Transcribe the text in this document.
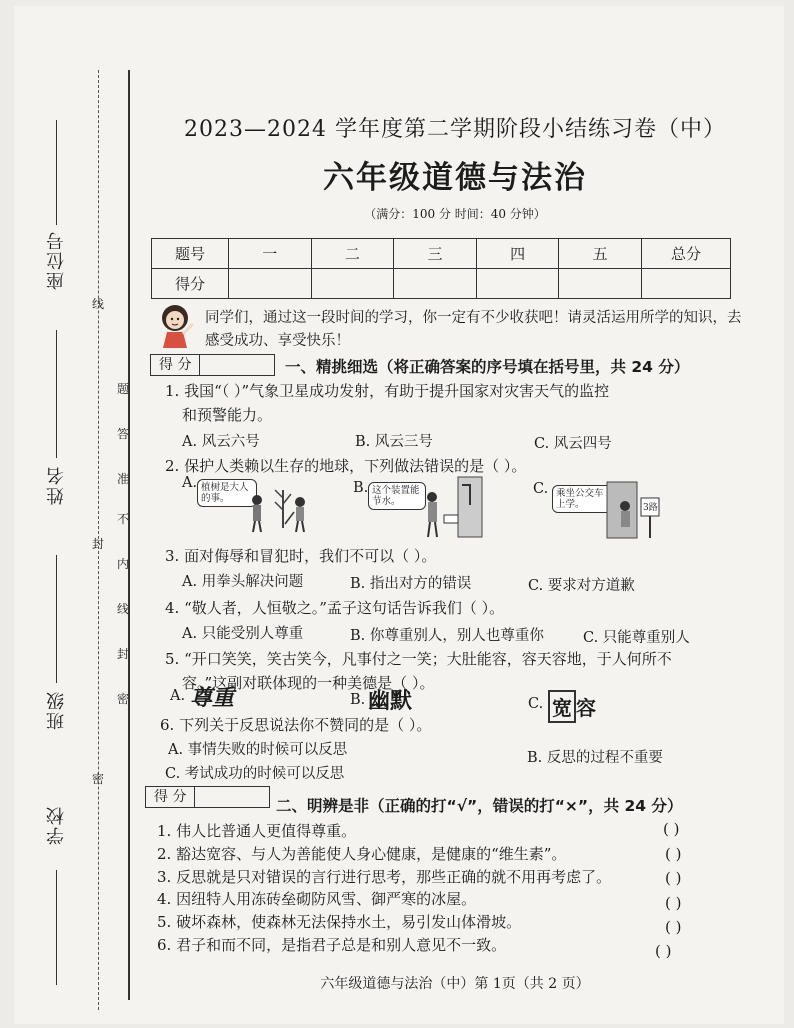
座位号
姓名
班级
学校
线
封
密
题
答
准
不
内
线
封
密
2023—2024 学年度第二学期阶段小结练习卷（中）
六年级道德与法治
（满分：100 分 时间：40 分钟）
题号	一	二	三	四	五	总分
得分						
同学们，通过这一段时间的学习，你一定有不少收获吧！请灵活运用所学的知识，去感受成功、享受快乐！
得 分	一、精挑细选（将正确答案的序号填在括号里，共 24 分）
1. 我国“（ ）”气象卫星成功发射，有助于提升国家对灾害天气的监控
和预警能力。
A. 风云六号	B. 风云三号	C. 风云四号
2. 保护人类赖以生存的地球，下列做法错误的是（ ）。
A. 植树是大人的事。
B. 这个装置能节水。
C. 乘坐公交车上学。	3路
3. 面对侮辱和冒犯时，我们不可以（ ）。
A. 用拳头解决问题	B. 指出对方的错误	C. 要求对方道歉
4. “敬人者，人恒敬之。”孟子这句话告诉我们（ ）。
A. 只能受别人尊重	B. 你尊重别人，别人也尊重你	C. 只能尊重别人
5. “开口笑笑，笑古笑今，凡事付之一笑；大肚能容，容天容地，于人何所不
容。”这副对联体现的一种美德是（ ）。
A. 尊重	B. 幽默	C. 宽 容
6. 下列关于反思说法你不赞同的是（ ）。
A. 事情失败的时候可以反思	B. 反思的过程不重要
C. 考试成功的时候可以反思
得 分	二、明辨是非（正确的打“√”，错误的打“×”，共 24 分）
1. 伟人比普通人更值得尊重。	( )
2. 豁达宽容、与人为善能使人身心健康，是健康的“维生素”。	( )
3. 反思就是只对错误的言行进行思考，那些正确的就不用再考虑了。	( )
4. 因纽特人用冻砖垒砌防风雪、御严寒的冰屋。	( )
5. 破坏森林，使森林无法保持水土，易引发山体滑坡。	( )
6. 君子和而不同，是指君子总是和别人意见不一致。	( )
六年级道德与法治（中）第 1页（共 2 页）
